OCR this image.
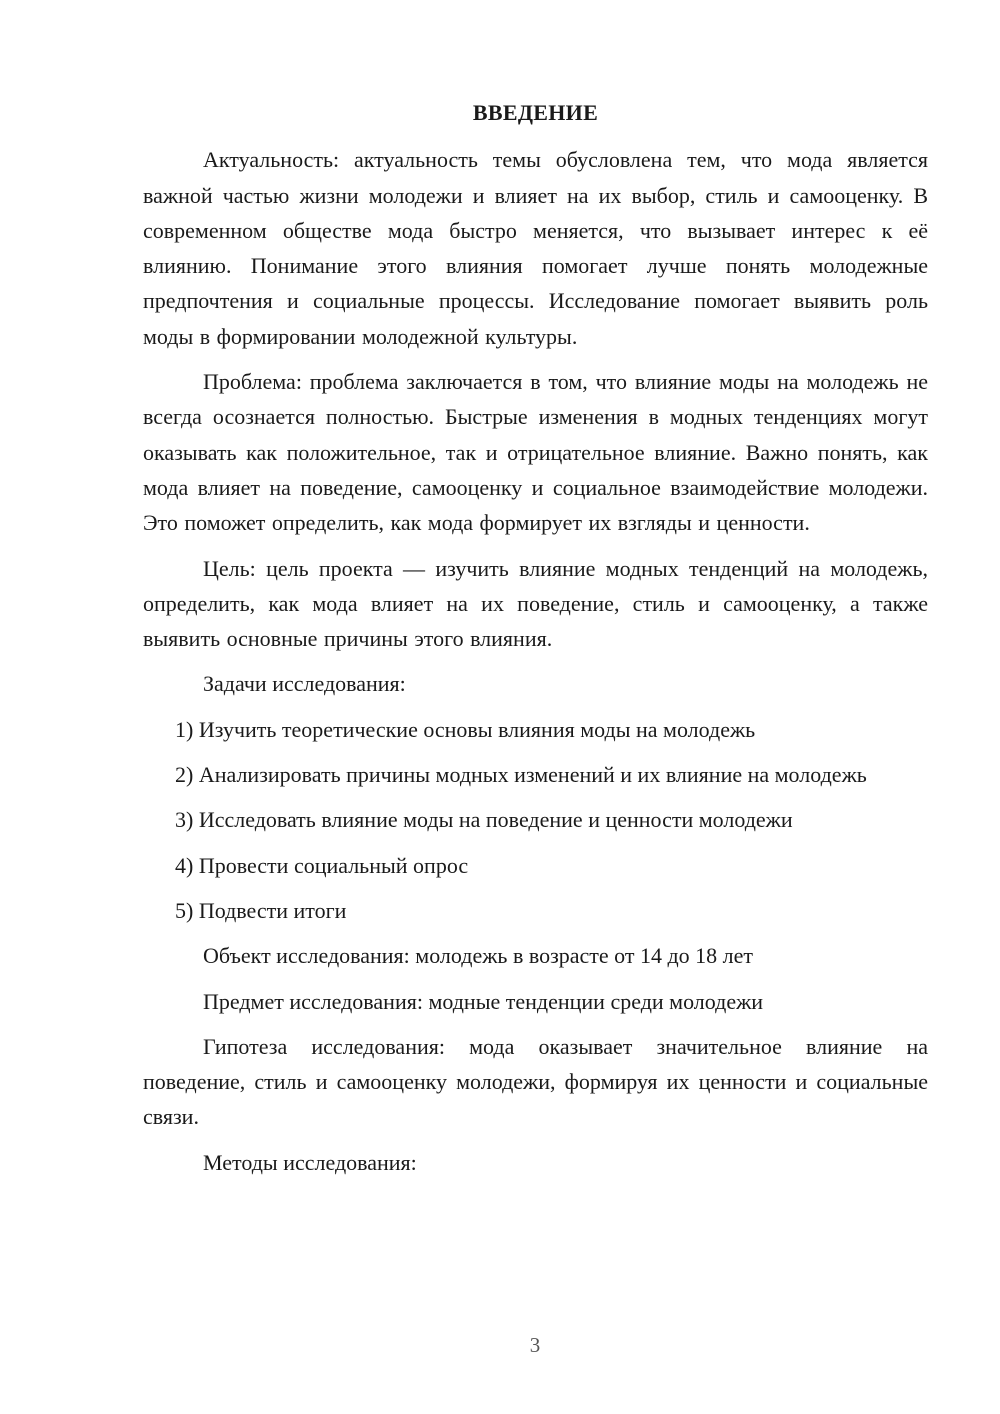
ВВЕДЕНИЕ

Актуальность: актуальность темы обусловлена тем, что мода является важной частью жизни молодежи и влияет на их выбор, стиль и самооценку. В современном обществе мода быстро меняется, что вызывает интерес к её влиянию. Понимание этого влияния помогает лучше понять молодежные предпочтения и социальные процессы. Исследование помогает выявить роль моды в формировании молодежной культуры.

Проблема: проблема заключается в том, что влияние моды на молодежь не всегда осознается полностью. Быстрые изменения в модных тенденциях могут оказывать как положительное, так и отрицательное влияние. Важно понять, как мода влияет на поведение, самооценку и социальное взаимодействие молодежи. Это поможет определить, как мода формирует их взгляды и ценности.

Цель: цель проекта — изучить влияние модных тенденций на молодежь, определить, как мода влияет на их поведение, стиль и самооценку, а также выявить основные причины этого влияния.

Задачи исследования:

1) Изучить теоретические основы влияния моды на молодежь

2) Анализировать причины модных изменений и их влияние на молодежь

3) Исследовать влияние моды на поведение и ценности молодежи

4) Провести социальный опрос

5) Подвести итоги

Объект исследования: молодежь в возрасте от 14 до 18 лет

Предмет исследования: модные тенденции среди молодежи

Гипотеза исследования: мода оказывает значительное влияние на поведение, стиль и самооценку молодежи, формируя их ценности и социальные связи.

Методы исследования:

3
